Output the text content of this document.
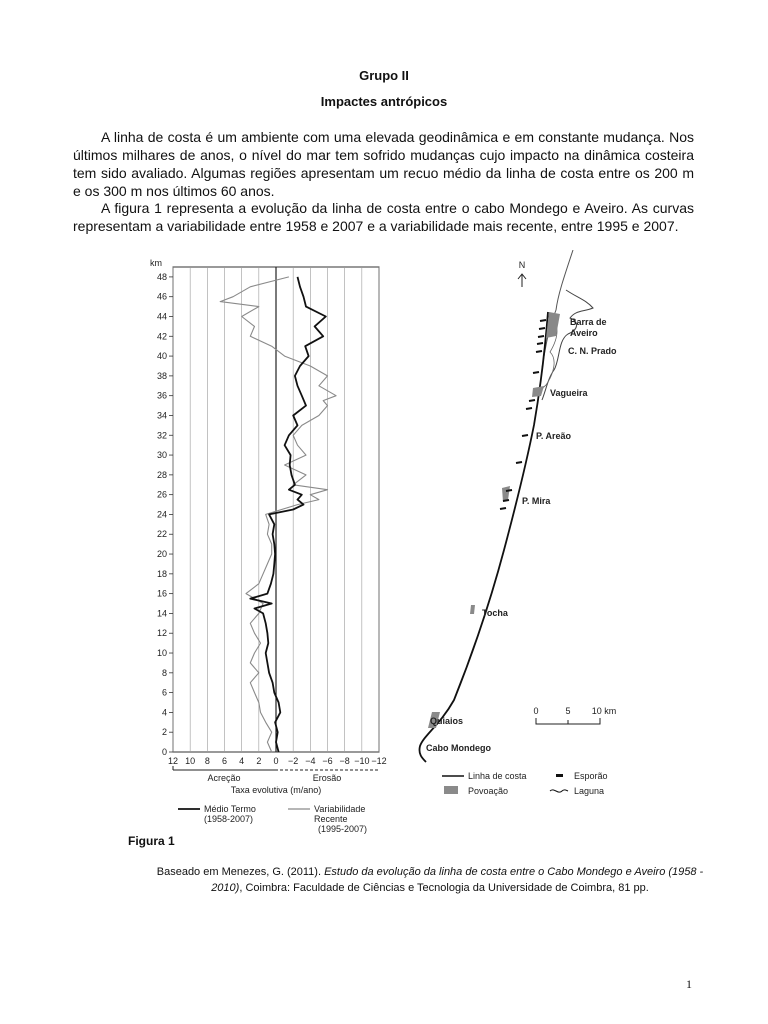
Grupo II
Impactes antrópicos

A linha de costa é um ambiente com uma elevada geodinâmica e em constante mudança. Nos últimos milhares de anos, o nível do mar tem sofrido mudanças cujo impacto na dinâmica costeira tem sido avaliado. Algumas regiões apresentam um recuo médio da linha de costa entre os 200 m e os 300 m nos últimos 60 anos.

A figura 1 representa a evolução da linha de costa entre o cabo Mondego e Aveiro. As curvas representam a variabilidade entre 1958 e 2007 e a variabilidade mais recente, entre 1995 e 2007.

12 10 8 6 4 2 0 −2 −4 −6 −8 −10 −12
0
2
4
6
8
10
12
14
16
18
20
22
24
26
28
30
32
34
36
38
40
42
44
46
48
km
Acreção	Erosão
Taxa evolutiva (m/ano)
Médio Termo
(1958-2007)
Variabilidade Recente
(1995-2007)
N
Barra de
Aveiro
C. N. Prado
Vagueira
P. Areão
P. Mira
Tocha
Quiaios
Cabo Mondego
0	5 10 km
Linha de costa	Esporão
Povoação	Laguna
Figura 1
Baseado em Menezes, G. (2011). Estudo da evolução da linha de costa entre o Cabo Mondego e Aveiro (1958 - 2010), Coimbra: Faculdade de Ciências e Tecnologia da Universidade de Coimbra, 81 pp.
1
